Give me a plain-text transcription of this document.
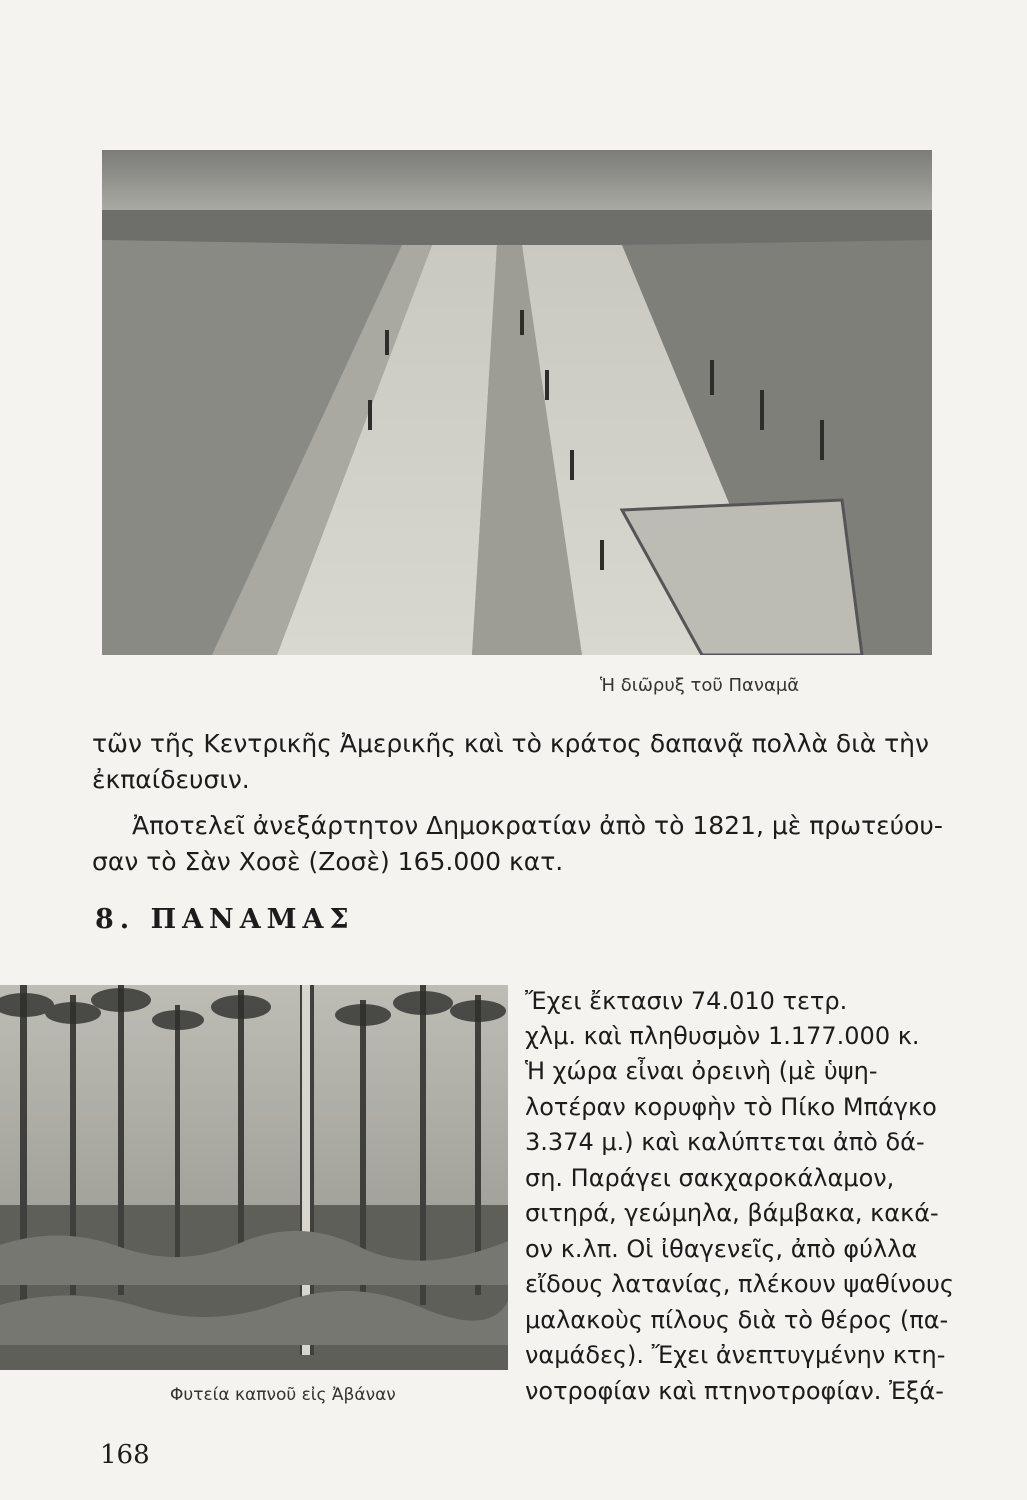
Ἡ διῶρυξ τοῦ Παναμᾶ
τῶν τῆς Κεντρικῆς Ἀμερικῆς καὶ τὸ κράτος δαπανᾷ πολλὰ διὰ τὴν
ἐκπαίδευσιν.
Ἀποτελεῖ ἀνεξάρτητον Δημοκρατίαν ἀπὸ τὸ 1821, μὲ πρωτεύου-
σαν τὸ Σὰν Χοσὲ (Ζοσὲ) 165.000 κατ.
8. ΠΑΝΑΜΑΣ
Φυτεία καπνοῦ εἰς Ἀβάναν
Ἔχει ἔκτασιν 74.010 τετρ.
χλμ. καὶ πληθυσμὸν 1.177.000 κ.
Ἡ χώρα εἶναι ὀρεινὴ (μὲ ὑψη-
λοτέραν κορυφὴν τὸ Πίκο Μπάγκο
3.374 μ.) καὶ καλύπτεται ἀπὸ δά-
ση. Παράγει σακχαροκάλαμον,
σιτηρά, γεώμηλα, βάμβακα, κακά-
ον κ.λπ. Οἱ ἰθαγενεῖς, ἀπὸ φύλλα
εἴδους λατανίας, πλέκουν ψαθίνους
μαλακοὺς πίλους διὰ τὸ θέρος (πα-
ναμάδες). Ἔχει ἀνεπτυγμένην κτη-
νοτροφίαν καὶ πτηνοτροφίαν. Ἐξά-
168
